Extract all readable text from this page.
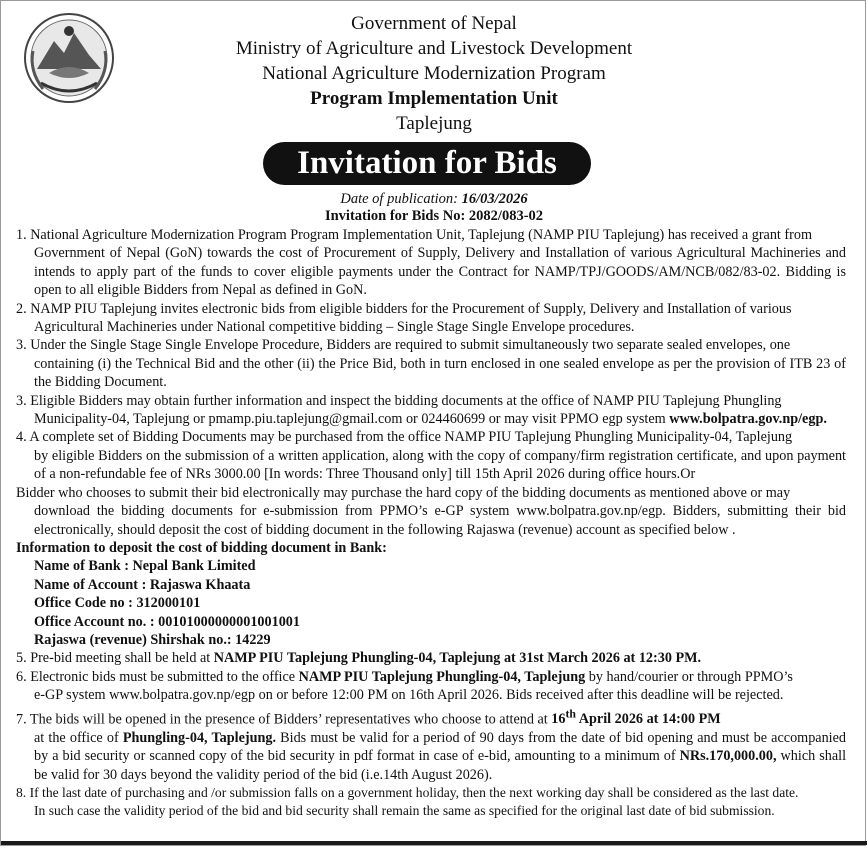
Government of Nepal
Ministry of Agriculture and Livestock Development
National Agriculture Modernization Program
Program Implementation Unit
Taplejung
Invitation for Bids
Date of publication: 16/03/2026
Invitation for Bids No: 2082/083-02

1. National Agriculture Modernization Program Program Implementation Unit, Taplejung (NAMP PIU Taplejung) has received a grant from
Government of Nepal (GoN) towards the cost of Procurement of Supply, Delivery and Installation of various Agricultural Machineries and intends to apply part of the funds to cover eligible payments under the Contract for NAMP/TPJ/GOODS/AM/NCB/082/83-02. Bidding is open to all eligible Bidders from Nepal as defined in GoN.

2. NAMP PIU Taplejung invites electronic bids from eligible bidders for the Procurement of Supply, Delivery and Installation of various
Agricultural Machineries under National competitive bidding – Single Stage Single Envelope procedures.

3. Under the Single Stage Single Envelope Procedure, Bidders are required to submit simultaneously two separate sealed envelopes, one
containing (i) the Technical Bid and the other (ii) the Price Bid, both in turn enclosed in one sealed envelope as per the provision of ITB 23 of the Bidding Document.

3. Eligible Bidders may obtain further information and inspect the bidding documents at the office of NAMP PIU Taplejung Phungling
Municipality-04, Taplejung or pmamp.piu.taplejung@gmail.com or 024460699 or may visit PPMO egp system www.bolpatra.gov.np/egp.

4. A complete set of Bidding Documents may be purchased from the office NAMP PIU Taplejung Phungling Municipality-04, Taplejung
by eligible Bidders on the submission of a written application, along with the copy of company/firm registration certificate, and upon payment of a non-refundable fee of NRs 3000.00 [In words: Three Thousand only] till 15th April 2026 during office hours.Or

Bidder who chooses to submit their bid electronically may purchase the hard copy of the bidding documents as mentioned above or may
download the bidding documents for e-submission from PPMO’s e-GP system www.bolpatra.gov.np/egp. Bidders, submitting their bid electronically, should deposit the cost of bidding document in the following Rajaswa (revenue) account as specified below .

Information to deposit the cost of bidding document in Bank:

Name of Bank : Nepal Bank Limited

Name of Account : Rajaswa Khaata

Office Code no : 312000101

Office Account no. : 00101000000001001001

Rajaswa (revenue) Shirshak no.: 14229

5. Pre-bid meeting shall be held at NAMP PIU Taplejung Phungling-04, Taplejung at 31st March 2026 at 12:30 PM.

6. Electronic bids must be submitted to the office NAMP PIU Taplejung Phungling-04, Taplejung by hand/courier or through PPMO’s
e-GP system www.bolpatra.gov.np/egp on or before 12:00 PM on 16th April 2026. Bids received after this deadline will be rejected.

7. The bids will be opened in the presence of Bidders’ representatives who choose to attend at 16th April 2026 at 14:00 PM
at the office of Phungling-04, Taplejung. Bids must be valid for a period of 90 days from the date of bid opening and must be accompanied by a bid security or scanned copy of the bid security in pdf format in case of e-bid, amounting to a minimum of NRs.170,000.00, which shall be valid for 30 days beyond the validity period of the bid (i.e.14th August 2026).

8. If the last date of purchasing and /or submission falls on a government holiday, then the next working day shall be considered as the last date.
In such case the validity period of the bid and bid security shall remain the same as specified for the original last date of bid submission.
